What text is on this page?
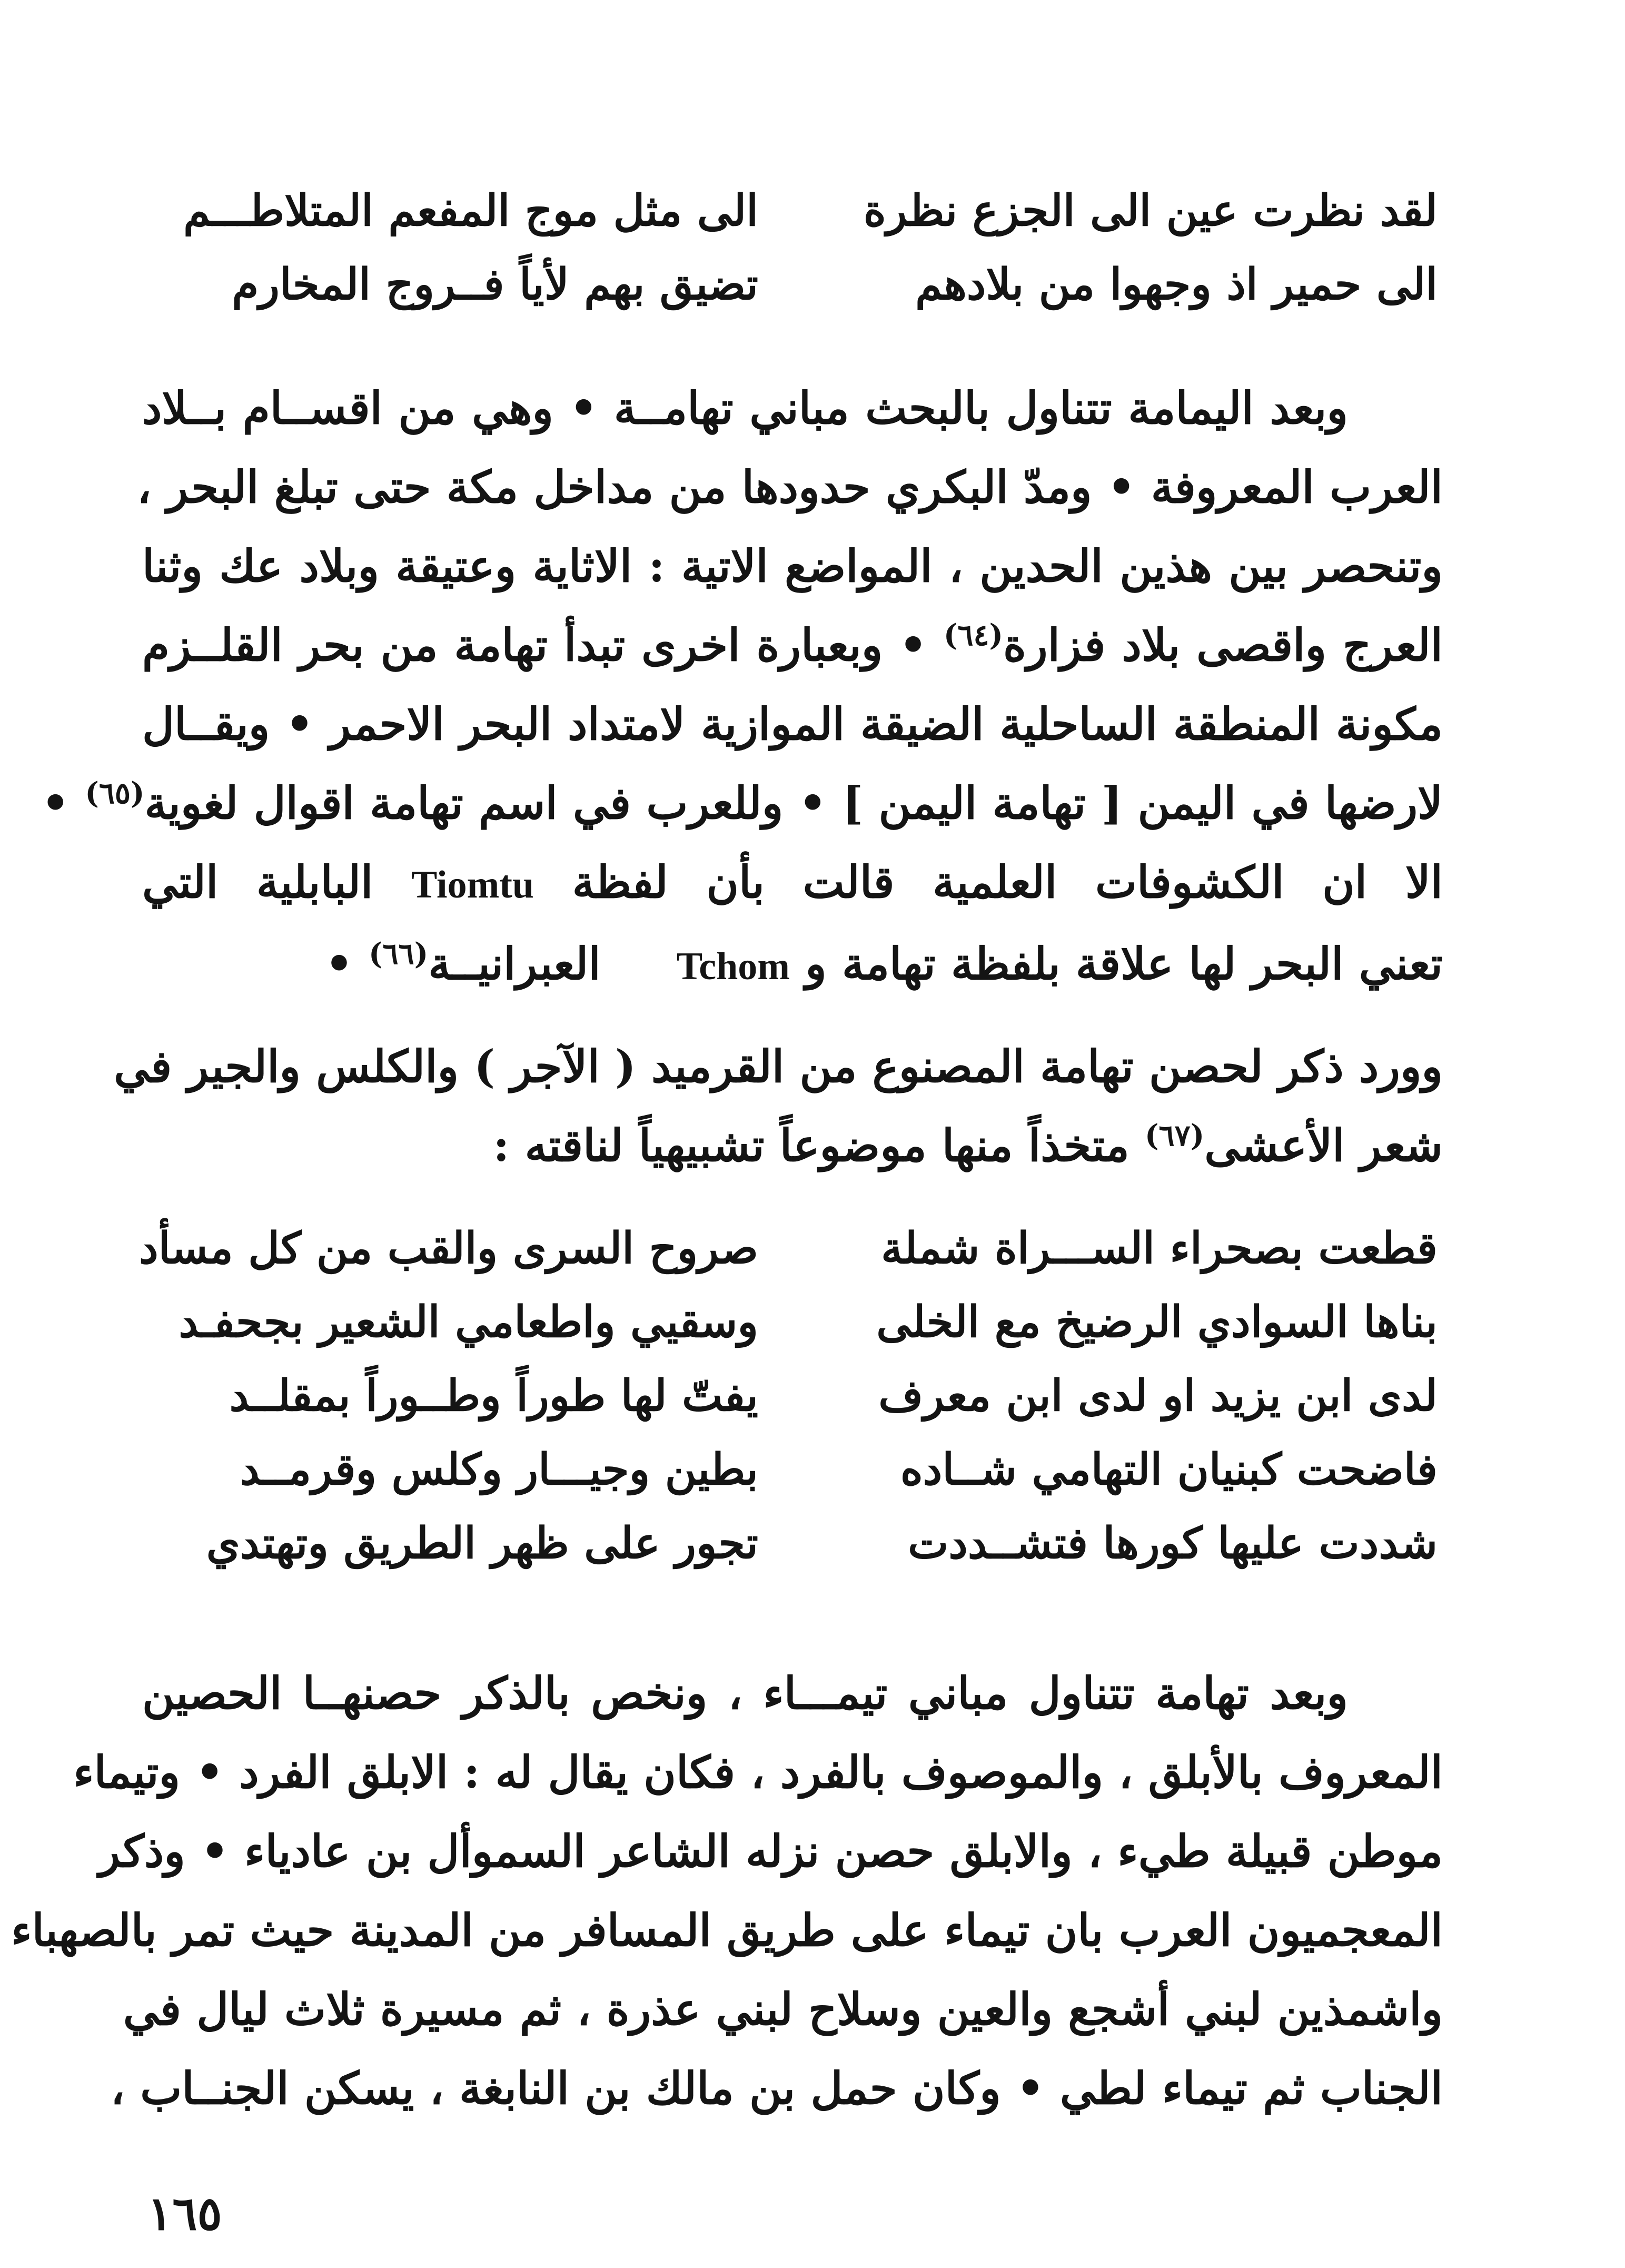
لقد نظرت عين الى الجزع نظرة
الى مثل موج المفعم المتلاطـــم
الى حمير اذ وجهوا من بلادهم
تضيق بهم لأياً فــروج المخارم

وبعد اليمامة تتناول بالبحث مباني تهامــة • وهي من اقســام بــلاد

العرب المعروفة • ومدّ البكري حدودها من مداخل مكة حتى تبلغ البحر ،

وتنحصر بين هذين الحدين ، المواضع الاتية : الاثاية وعتيقة وبلاد عك وثنا

العرج واقصى بلاد فزارة$^{(٦٤)}$ • وبعبارة اخرى تبدأ تهامة من بحر القلــزم

مكونة المنطقة الساحلية الضيقة الموازية لامتداد البحر الاحمر • ويقــال

لارضها في اليمن [ تهامة اليمن ] • وللعرب في اسم تهامة اقوال لغوية$^{(٦٥)}$ •

الا ان الكشوفات العلمية قالت بأن لفظة Tiomtu البابلية التي

تعني البحر لها علاقة بلفظة تهامة و Tchom العبرانيــة$^{(٦٦)}$ •

وورد ذكر لحصن تهامة المصنوع من القرميد ( الآجر ) والكلس والجير في

شعر الأعشى$^{(٦٧)}$ متخذاً منها موضوعاً تشبيهياً لناقته :

قطعت بصحراء الســـراة شملة
صروح السرى والقب من كل مسأد
بناها السوادي الرضيخ مع الخلى
وسقيي واطعامي الشعير بجحفـد
لدى ابن يزيد او لدى ابن معرف
يفتّ لها طوراً وطــوراً بمقلــد
فاضحت كبنيان التهامي شــاده
بطين وجيـــار وكلس وقرمــد
شددت عليها كورها فتشــددت
تجور على ظهر الطريق وتهتدي

وبعد تهامة تتناول مباني تيمـــاء ، ونخص بالذكر حصنهــا الحصين

المعروف بالأبلق ، والموصوف بالفرد ، فكان يقال له : الابلق الفرد • وتيماء

موطن قبيلة طيء ، والابلق حصن نزله الشاعر السموأل بن عادياء • وذكر

المعجميون العرب بان تيماء على طريق المسافر من المدينة حيث تمر بالصهباء

واشمذين لبني أشجع والعين وسلاح لبني عذرة ، ثم مسيرة ثلاث ليال في

الجناب ثم تيماء لطي • وكان حمل بن مالك بن النابغة ، يسكن الجنــاب ،

١٦٥
